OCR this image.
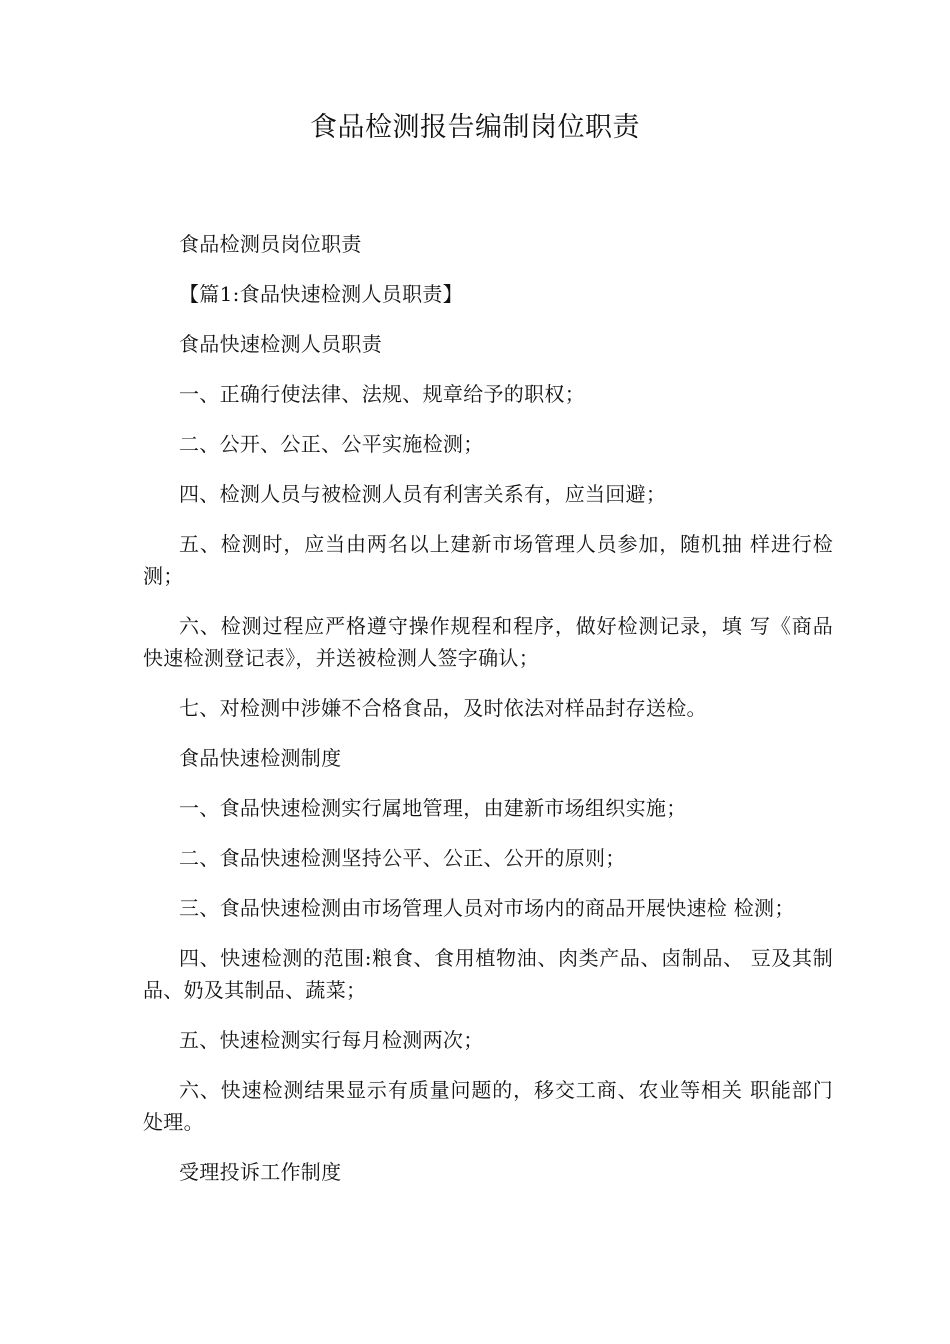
食品检测报告编制岗位职责

食品检测员岗位职责

【篇1:食品快速检测人员职责】

食品快速检测人员职责

一、正确行使法律、法规、规章给予的职权；

二、公开、公正、公平实施检测；

四、检测人员与被检测人员有利害关系有，应当回避；

五、检测时，应当由两名以上建新市场管理人员参加，随机抽 样进行检测；

六、检测过程应严格遵守操作规程和程序，做好检测记录，填 写《商品快速检测登记表》，并送被检测人签字确认；

七、对检测中涉嫌不合格食品，及时依法对样品封存送检。

食品快速检测制度

一、食品快速检测实行属地管理，由建新市场组织实施；

二、食品快速检测坚持公平、公正、公开的原则；

三、食品快速检测由市场管理人员对市场内的商品开展快速检 检测；

四、快速检测的范围:粮食、食用植物油、肉类产品、卤制品、 豆及其制品、奶及其制品、蔬菜；

五、快速检测实行每月检测两次；

六、快速检测结果显示有质量问题的，移交工商、农业等相关 职能部门处理。

受理投诉工作制度
